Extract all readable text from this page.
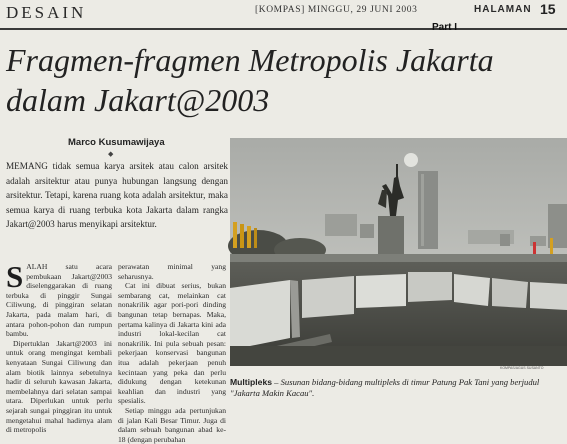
DESAIN	[KOMPAS] MINGGU, 29 JUNI 2003	HALAMAN 15
Part I
Fragmen-fragmen Metropolis Jakarta
dalam Jakart@2003
Marco Kusumawijaya
◆
MEMANG tidak semua karya arsitek atau calon arsitek adalah arsitektur atau punya hubungan langsung dengan arsitektur. Tetapi, karena ruang kota adalah arsitektur, maka semua karya di ruang terbuka kota Jakarta dalam rangka Jakart@2003 harus menyikapi arsitektur.

SALAH satu acara pembukaan Jakart@2003 diselenggarakan di ruang terbuka di pinggir Sungai Ciliwung, di pinggiran selatan Jakarta, pada malam hari, di antara pohon-pohon dan rumpun bambu.

Dipertuklan Jakart@2003 ini untuk orang mengingat kembali kenyataan Sungai Ciliwung dan alam biotik lainnya sebetulnya hadir di seluruh kawasan Jakarta, membelahnya dari selatan sampai utara. Diperlukan untuk perlu sejarah sungai pinggiran itu untuk mengetahui mahal hadirnya alam di metropolis

perawatan minimal yang seharusnya.

Cat ini dibuat serius, bukan sembarang cat, melainkan cat nonakrilik agar pori-pori dinding bangunan tetap bernapas. Maka, pertama kalinya di Jakarta kini ada industri lokal-kecilan cat nonakrilik. Ini pula sebuah pesan: pekerjaan konservasi bangunan itua adalah pekerjaan penuh kecintaan yang peka dan perlu didukung dengan ketekunan keahlian dan industri yang spesialis.

Setiap minggu ada pertunjukan di jalan Kali Besar Timur. Juga di dalam sebuah bangunan abad ke-18 (dengan perubahan

KOMPAS/AGUS SUSANTO
Multipleks – Susunan bidang-bidang multipleks di timur Patung Pak Tani yang berjudul "Jakarta Makin Kacau".
